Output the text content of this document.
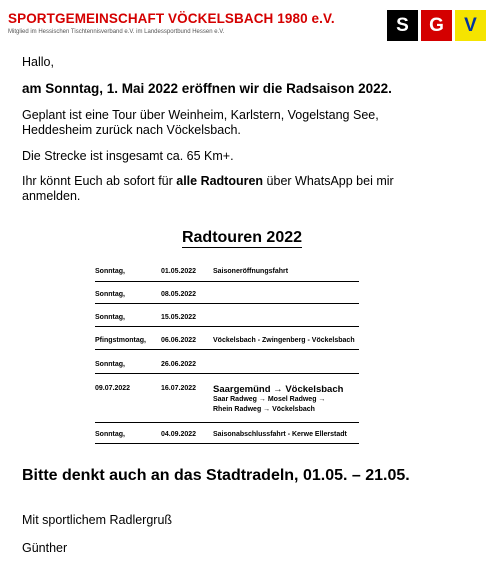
SPORTGEMEINSCHAFT VÖCKELSBACH 1980 e.V.
Mitglied im Hessischen Tischtennisverband e.V. im Landessportbund Hessen e.V.	S	G	V
Hallo,
am Sonntag, 1. Mai 2022 eröffnen wir die Radsaison 2022.
Geplant ist eine Tour über Weinheim, Karlstern, Vogelstang See,
Heddesheim zurück nach Vöckelsbach.
Die Strecke ist insgesamt ca. 65 Km+.
Ihr könnt Euch ab sofort für alle Radtouren über WhatsApp bei mir
anmelden.
Radtouren 2022
Sonntag,	01.05.2022 Saisoneröffnungsfahrt
Sonntag,	08.05.2022
Sonntag,	15.05.2022
Pfingstmontag, 06.06.2022 Vöckelsbach - Zwingenberg - Vöckelsbach
Sonntag,	26.06.2022
09.07.2022	16.07.2022 Saargemünd → Vöckelsbach
Saar Radweg → Mosel Radweg →
Rhein Radweg → Vöckelsbach
Sonntag,	04.09.2022 Saisonabschlussfahrt - Kerwe Ellerstadt
Bitte denkt auch an das Stadtradeln, 01.05. – 21.05.
Mit sportlichem Radlergruß
Günther
